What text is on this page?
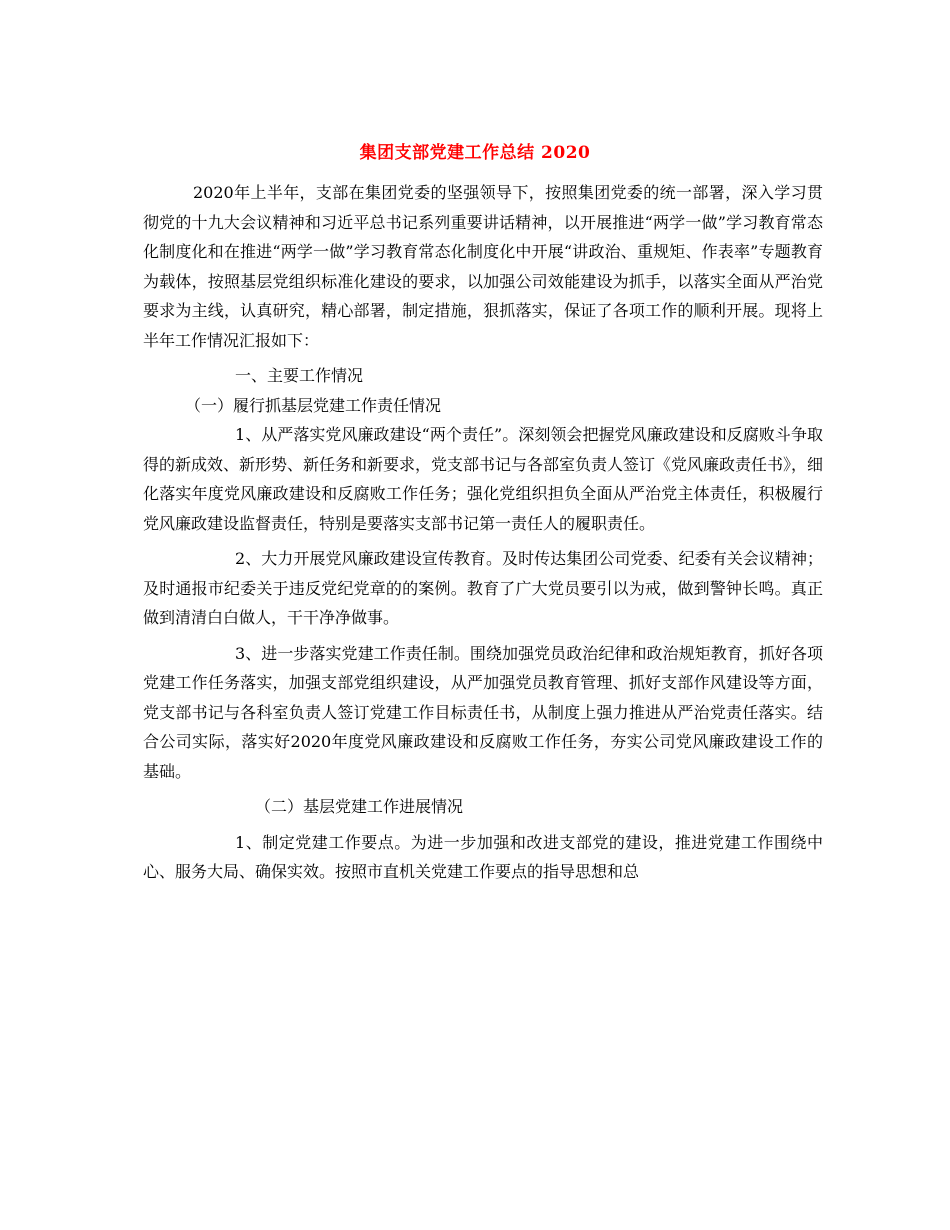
集团支部党建工作总结 2020

2020年上半年，支部在集团党委的坚强领导下，按照集团党委的统一部署，深入学习贯彻党的十九大会议精神和习近平总书记系列重要讲话精神，以开展推进“两学一做”学习教育常态化制度化和在推进“两学一做”学习教育常态化制度化中开展“讲政治、重规矩、作表率”专题教育为载体，按照基层党组织标准化建设的要求，以加强公司效能建设为抓手，以落实全面从严治党要求为主线，认真研究，精心部署，制定措施，狠抓落实，保证了各项工作的顺利开展。现将上半年工作情况汇报如下：

一、主要工作情况

（一）履行抓基层党建工作责任情况

1、从严落实党风廉政建设“两个责任”。深刻领会把握党风廉政建设和反腐败斗争取得的新成效、新形势、新任务和新要求，党支部书记与各部室负责人签订《党风廉政责任书》，细化落实年度党风廉政建设和反腐败工作任务；强化党组织担负全面从严治党主体责任，积极履行党风廉政建设监督责任，特别是要落实支部书记第一责任人的履职责任。

2、大力开展党风廉政建设宣传教育。及时传达集团公司党委、纪委有关会议精神；及时通报市纪委关于违反党纪党章的的案例。教育了广大党员要引以为戒，做到警钟长鸣。真正做到清清白白做人，干干净净做事。

3、进一步落实党建工作责任制。围绕加强党员政治纪律和政治规矩教育，抓好各项党建工作任务落实，加强支部党组织建设，从严加强党员教育管理、抓好支部作风建设等方面，党支部书记与各科室负责人签订党建工作目标责任书，从制度上强力推进从严治党责任落实。结合公司实际，落实好2020年度党风廉政建设和反腐败工作任务，夯实公司党风廉政建设工作的基础。

（二）基层党建工作进展情况

1、制定党建工作要点。为进一步加强和改进支部党的建设，推进党建工作围绕中心、服务大局、确保实效。按照市直机关党建工作要点的指导思想和总
